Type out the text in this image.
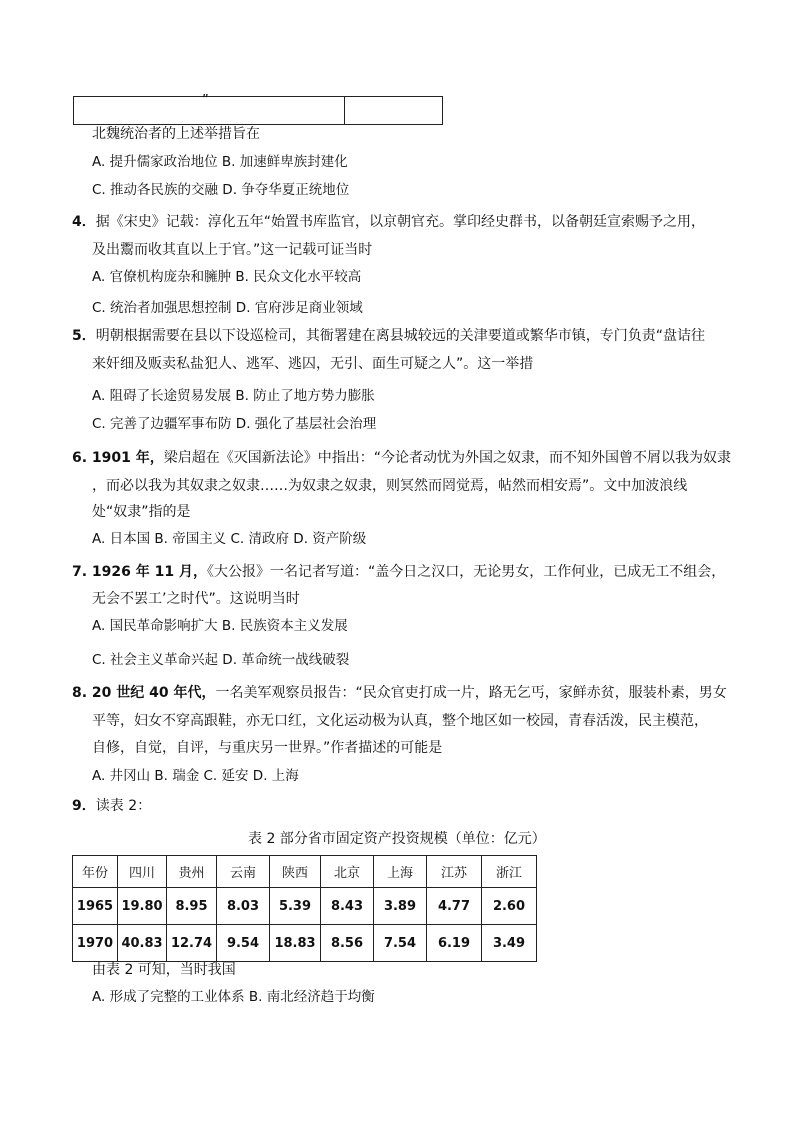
”
北魏统治者的上述举措旨在
A. 提升儒家政治地位 B. 加速鲜卑族封建化
C. 推动各民族的交融 D. 争夺华夏正统地位
4．据《宋史》记载：淳化五年“始置书库监官，以京朝官充。掌印经史群书，以备朝廷宣索赐予之用，
及出鬻而收其直以上于官。”这一记载可证当时
A. 官僚机构庞杂和臃肿 B. 民众文化水平较高
C. 统治者加强思想控制 D. 官府涉足商业领域
5．明朝根据需要在县以下设巡检司，其衙署建在离县城较远的关津要道或繁华市镇，专门负责“盘诘往
来奸细及贩卖私盐犯人、逃军、逃囚，无引、面生可疑之人”。这一举措
A. 阻碍了长途贸易发展 B. 防止了地方势力膨胀
C. 完善了边疆军事布防 D. 强化了基层社会治理
6. 1901 年，梁启超在《灭国新法论》中指出：“今论者动忧为外国之奴隶，而不知外国曾不屑以我为奴隶
，而必以我为其奴隶之奴隶……为奴隶之奴隶，则冥然而罔觉焉，帖然而相安焉”。文中加波浪线
处“奴隶”指的是
A. 日本国 B. 帝国主义 C. 清政府 D. 资产阶级
7. 1926 年 11 月，《大公报》一名记者写道：“盖今日之汉口，无论男女，工作何业，已成无工不组会，
无会不罢工’之时代”。这说明当时
A. 国民革命影响扩大 B. 民族资本主义发展
C. 社会主义革命兴起 D. 革命统一战线破裂
8. 20 世纪 40 年代，一名美军观察员报告：“民众官吏打成一片，路无乞丐，家鲜赤贫，服装朴素，男女
平等，妇女不穿高跟鞋，亦无口红，文化运动极为认真，整个地区如一校园，青春活泼，民主模范，
自修，自觉，自评，与重庆另一世界。”作者描述的可能是
A. 井冈山 B. 瑞金 C. 延安 D. 上海
9．读表 2：
表 2 部分省市固定资产投资规模（单位：亿元）
年份	四川	贵州	云南	陕西	北京	上海	江苏	浙江
1965	19.80	8.95	8.03	5.39	8.43	3.89	4.77	2.60
1970	40.83	12.74	9.54	18.83	8.56	7.54	6.19	3.49
由表 2 可知，当时我国
A. 形成了完整的工业体系 B. 南北经济趋于均衡
